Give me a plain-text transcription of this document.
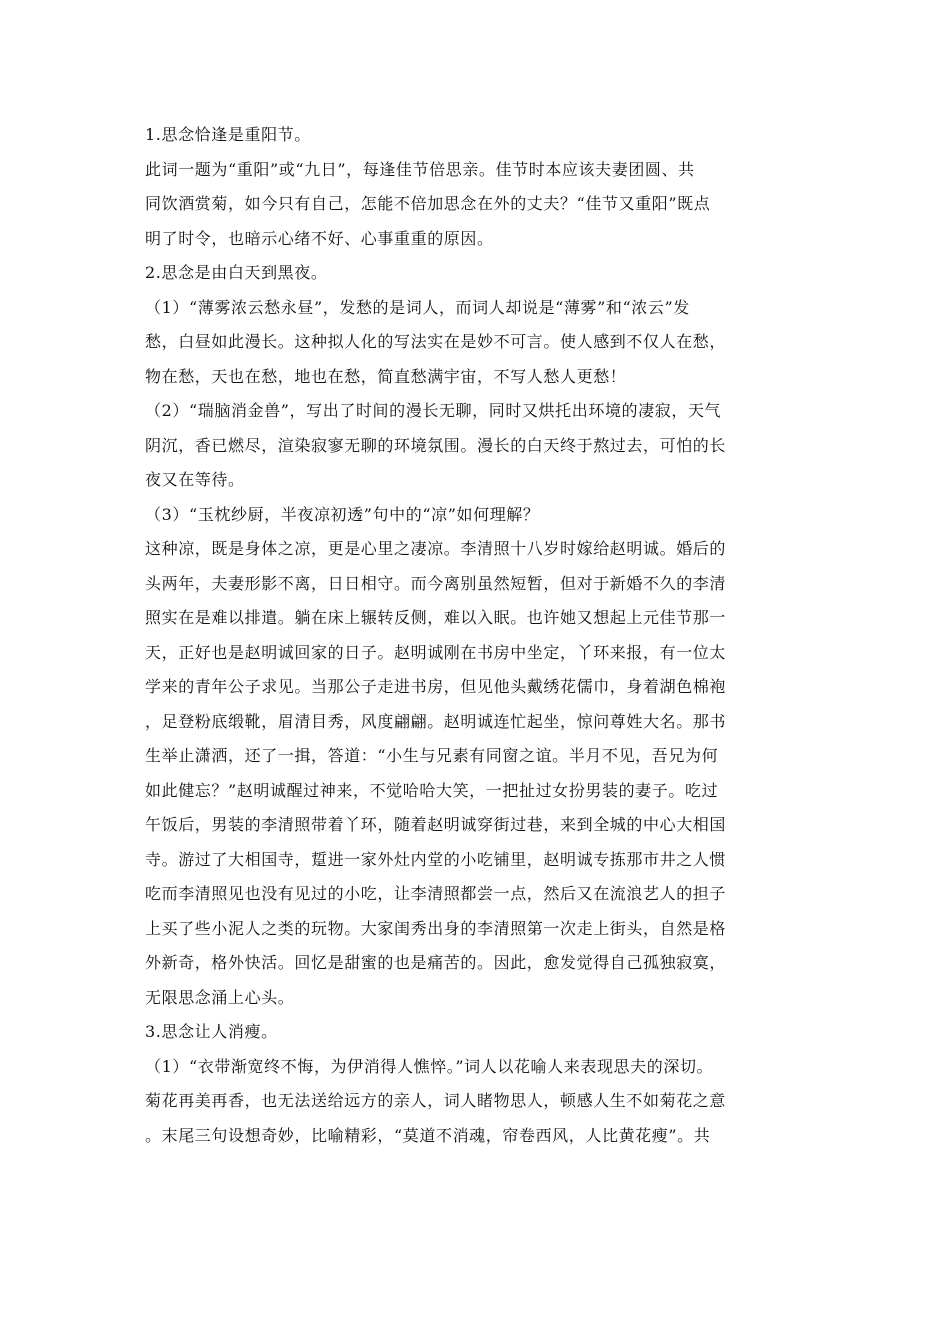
1.思念恰逢是重阳节。
此词一题为“重阳”或“九日”，每逢佳节倍思亲。佳节时本应该夫妻团圆、共
同饮酒赏菊，如今只有自己，怎能不倍加思念在外的丈夫？“佳节又重阳”既点
明了时令，也暗示心绪不好、心事重重的原因。
2.思念是由白天到黑夜。
（1）“薄雾浓云愁永昼”，发愁的是词人，而词人却说是“薄雾”和“浓云”发
愁，白昼如此漫长。这种拟人化的写法实在是妙不可言。使人感到不仅人在愁，
物在愁，天也在愁，地也在愁，简直愁满宇宙，不写人愁人更愁！
（2）“瑞脑消金兽”，写出了时间的漫长无聊，同时又烘托出环境的凄寂，天气
阴沉，香已燃尽，渲染寂寥无聊的环境氛围。漫长的白天终于熬过去，可怕的长
夜又在等待。
（3）“玉枕纱厨，半夜凉初透”句中的“凉”如何理解？
这种凉，既是身体之凉，更是心里之凄凉。李清照十八岁时嫁给赵明诚。婚后的
头两年，夫妻形影不离，日日相守。而今离别虽然短暂，但对于新婚不久的李清
照实在是难以排遣。躺在床上辗转反侧，难以入眠。也许她又想起上元佳节那一
天，正好也是赵明诚回家的日子。赵明诚刚在书房中坐定，丫环来报，有一位太
学来的青年公子求见。当那公子走进书房，但见他头戴绣花儒巾，身着湖色棉袍
，足登粉底缎靴，眉清目秀，风度翩翩。赵明诚连忙起坐，惊问尊姓大名。那书
生举止潇洒，还了一揖，答道：“小生与兄素有同窗之谊。半月不见，吾兄为何
如此健忘？”赵明诚醒过神来，不觉哈哈大笑，一把扯过女扮男装的妻子。吃过
午饭后，男装的李清照带着丫环，随着赵明诚穿街过巷，来到全城的中心大相国
寺。游过了大相国寺，踅进一家外灶内堂的小吃铺里，赵明诚专拣那市井之人惯
吃而李清照见也没有见过的小吃，让李清照都尝一点，然后又在流浪艺人的担子
上买了些小泥人之类的玩物。大家闺秀出身的李清照第一次走上街头，自然是格
外新奇，格外快活。回忆是甜蜜的也是痛苦的。因此，愈发觉得自己孤独寂寞，
无限思念涌上心头。
3.思念让人消瘦。
（1）“衣带渐宽终不悔，为伊消得人憔悴。”词人以花喻人来表现思夫的深切。
菊花再美再香，也无法送给远方的亲人，词人睹物思人，顿感人生不如菊花之意
。末尾三句设想奇妙，比喻精彩，“莫道不消魂，帘卷西风，人比黄花瘦”。共
